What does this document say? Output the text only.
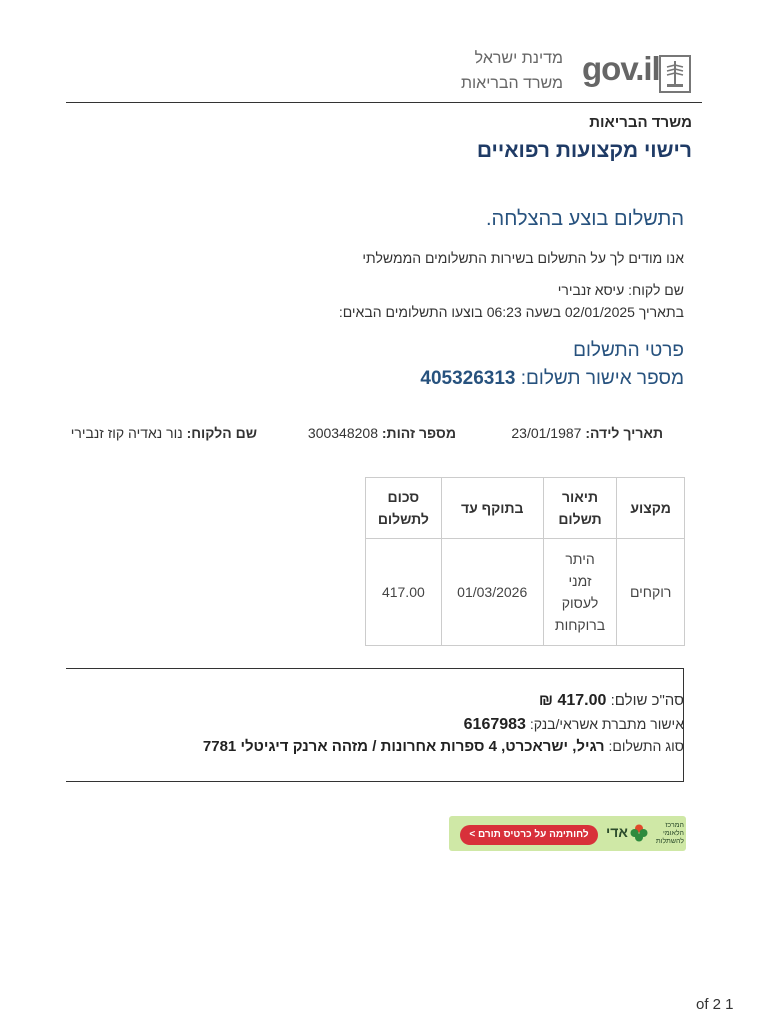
gov.il
מדינת ישראל
משרד הבריאות
משרד הבריאות
רישוי מקצועות רפואיים
התשלום בוצע בהצלחה.
אנו מודים לך על התשלום בשירות התשלומים הממשלתי
שם לקוח: עיסא זנבירי
בתאריך 02/01/2025 בשעה 06:23 בוצעו התשלומים הבאים:
פרטי התשלום
מספר אישור תשלום: 405326313
תאריך לידה: 23/01/1987
מספר זהות: 300348208
שם הלקוח: נור נאדיה קוז זנבירי
מקצוע	תיאור תשלום	בתוקף עד	סכום לתשלום
רוקחים	היתר זמני לעסוק ברוקחות	01/03/2026	417.00
סה"כ שולם: 417.00 ₪
אישור מתברת אשראי/בנק: 6167983
סוג התשלום: רגיל, ישראכרט, 4 ספרות אחרונות / מזהה ארנק דיגיטלי 7781
לחותימה על כרטיס תורם >	אדי	המרכז הלאומי להשתלות
of 2 1
